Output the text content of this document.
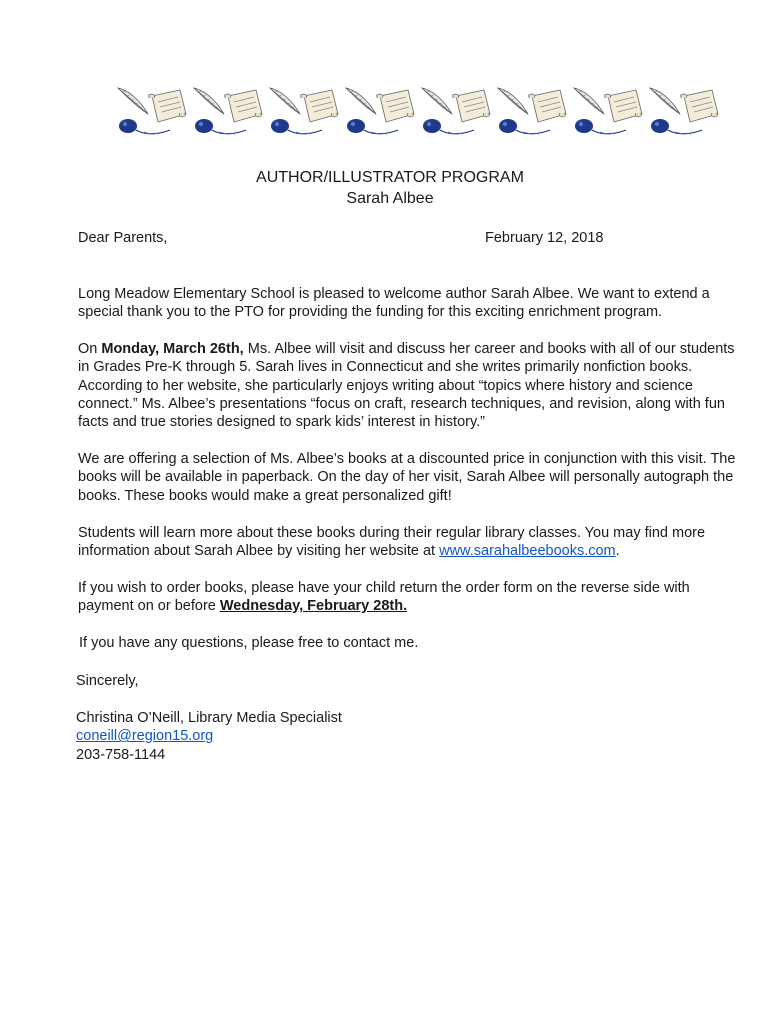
AUTHOR/ILLUSTRATOR PROGRAM
Sarah Albee
Dear Parents,	February 12, 2018
Long Meadow Elementary School is pleased to welcome author Sarah Albee. We want to extend a special thank you to the PTO for providing the funding for this exciting enrichment program.
On Monday, March 26th, Ms. Albee will visit and discuss her career and books with all of our students in Grades Pre-K through 5. Sarah lives in Connecticut and she writes primarily nonfiction books. According to her website, she particularly enjoys writing about “topics where history and science connect.” Ms. Albee’s presentations “focus on craft, research techniques, and revision, along with fun facts and true stories designed to spark kids’ interest in history.”
We are offering a selection of Ms. Albee’s books at a discounted price in conjunction with this visit. The books will be available in paperback. On the day of her visit, Sarah Albee will personally autograph the books. These books would make a great personalized gift!
Students will learn more about these books during their regular library classes. You may find more information about Sarah Albee by visiting her website at www.sarahalbeebooks.com.
If you wish to order books, please have your child return the order form on the reverse side with payment on or before Wednesday, February 28th.
If you have any questions, please free to contact me.
Sincerely,
Christina O’Neill, Library Media Specialist
coneill@region15.org
203-758-1144
